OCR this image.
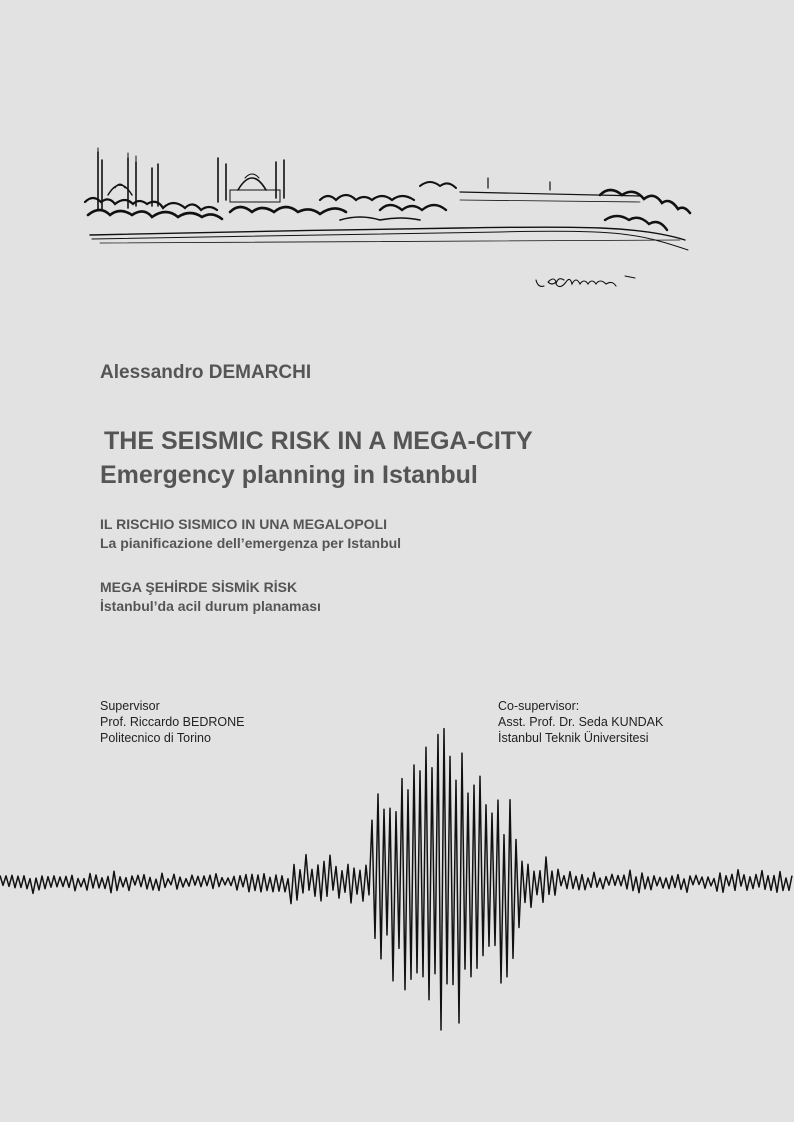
Alessandro DEMARCHI
THE SEISMIC RISK IN A MEGA-CITY
Emergency planning in Istanbul
IL RISCHIO SISMICO IN UNA MEGALOPOLI
La pianificazione dell’emergenza per Istanbul
MEGA ŞEHİRDE SİSMİK RİSK
İstanbul’da acil durum planaması
Supervisor
Prof. Riccardo BEDRONE
Politecnico di Torino
Co-supervisor:
Asst. Prof. Dr. Seda KUNDAK
İstanbul Teknik Üniversitesi
